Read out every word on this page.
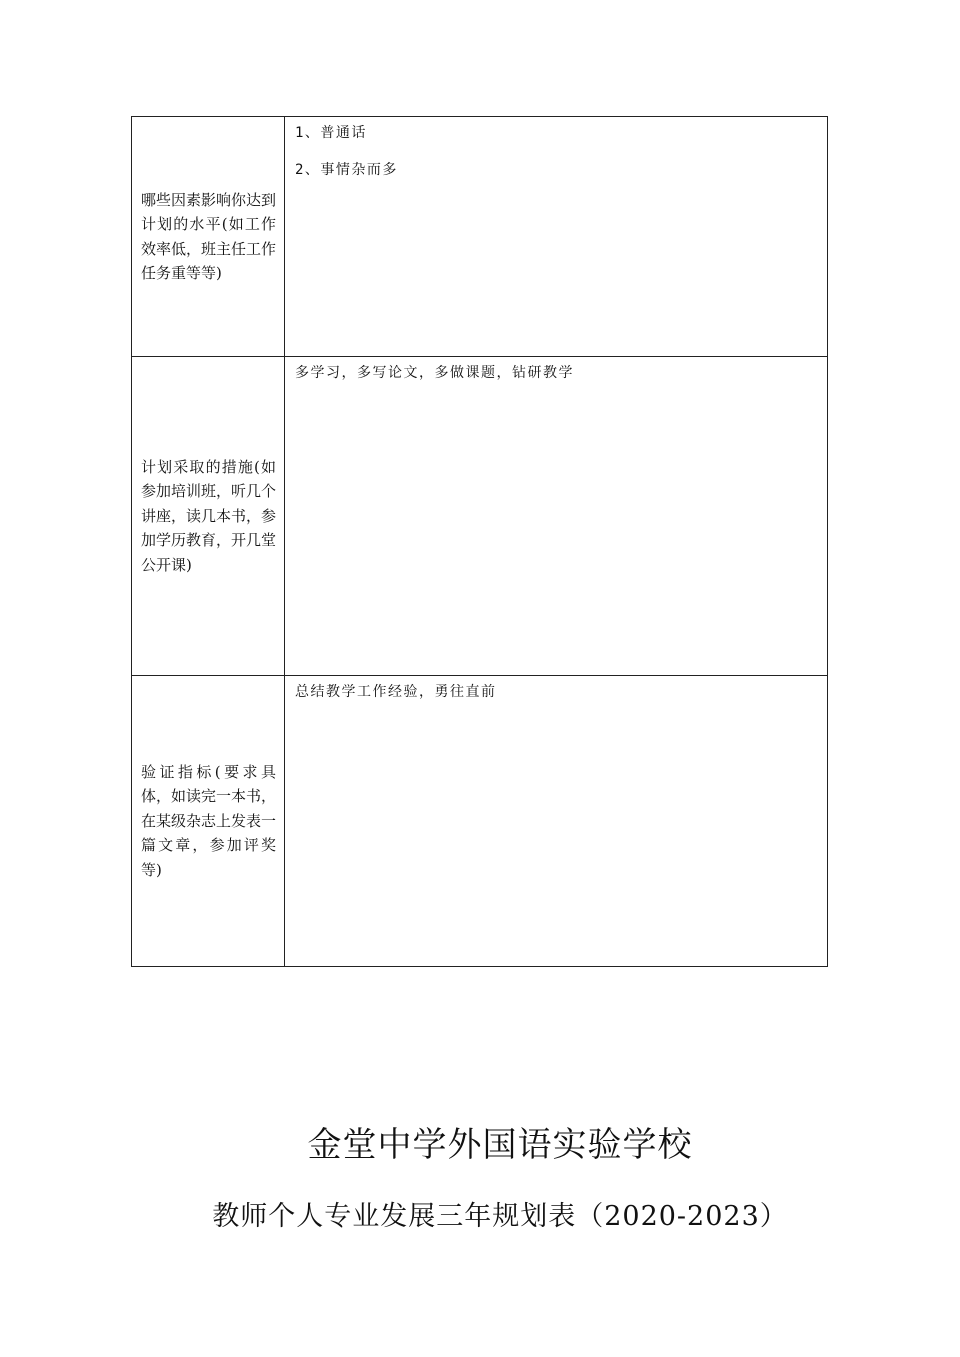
哪些因素影响你达到计划的水平(如工作效率低，班主任工作任务重等等)	1、普通话
2、事情杂而多

计划采取的措施(如参加培训班，听几个讲座，读几本书，参加学历教育，开几堂公开课)	多学习，多写论文，多做课题，钻研教学

验证指标(要求具体，如读完一本书，在某级杂志上发表一篇文章，参加评奖等)	总结教学工作经验，勇往直前
金堂中学外国语实验学校
教师个人专业发展三年规划表（2020-2023）
